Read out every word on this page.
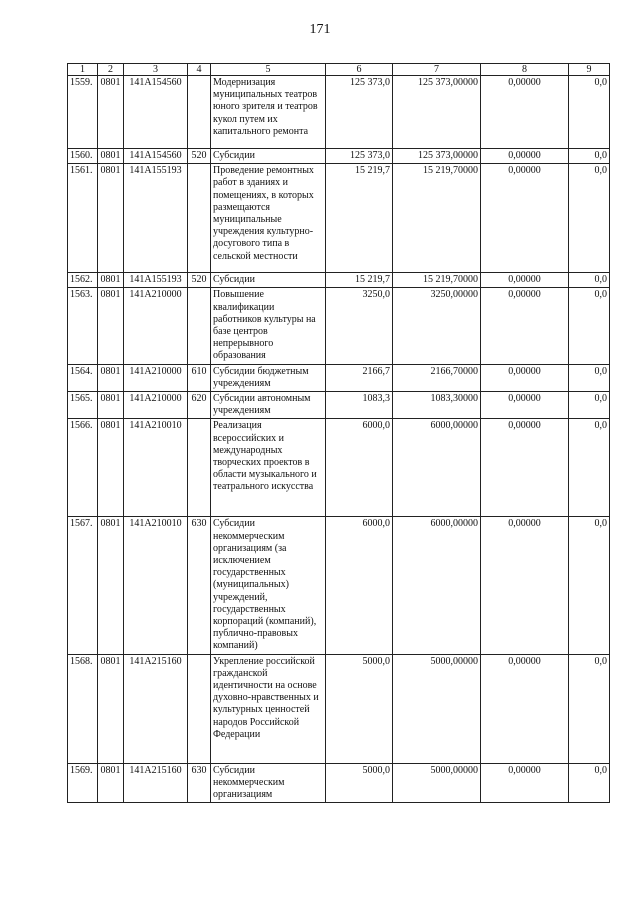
171
1	2	3	4	5	6	7	8	9
1559.	0801	141A154560		Модернизация муниципальных театров юного зрителя и театров кукол путем их капитального ремонта	125 373,0	125 373,00000	0,00000	0,0
1560.	0801	141A154560	520	Субсидии	125 373,0	125 373,00000	0,00000	0,0
1561.	0801	141A155193		Проведение ремонтных работ в зданиях и помещениях, в которых размещаются муниципальные учреждения культурно-досугового типа в сельской местности	15 219,7	15 219,70000	0,00000	0,0
1562.	0801	141A155193	520	Субсидии	15 219,7	15 219,70000	0,00000	0,0
1563.	0801	141A210000		Повышение квалификации работников культуры на базе центров непрерывного образования	3250,0	3250,00000	0,00000	0,0
1564.	0801	141A210000	610	Субсидии бюджетным учреждениям	2166,7	2166,70000	0,00000	0,0
1565.	0801	141A210000	620	Субсидии автономным учреждениям	1083,3	1083,30000	0,00000	0,0
1566.	0801	141A210010		Реализация всероссийских и международных творческих проектов в области музыкального и театрального искусства	6000,0	6000,00000	0,00000	0,0
1567.	0801	141A210010	630	Субсидии некоммерческим организациям (за исключением государственных (муниципальных) учреждений, государственных корпораций (компаний), публично-правовых компаний)	6000,0	6000,00000	0,00000	0,0
1568.	0801	141A215160		Укрепление российской гражданской идентичности на основе духовно-нравственных и культурных ценностей народов Российской Федерации	5000,0	5000,00000	0,00000	0,0
1569.	0801	141A215160	630	Субсидии некоммерческим организациям	5000,0	5000,00000	0,00000	0,0
